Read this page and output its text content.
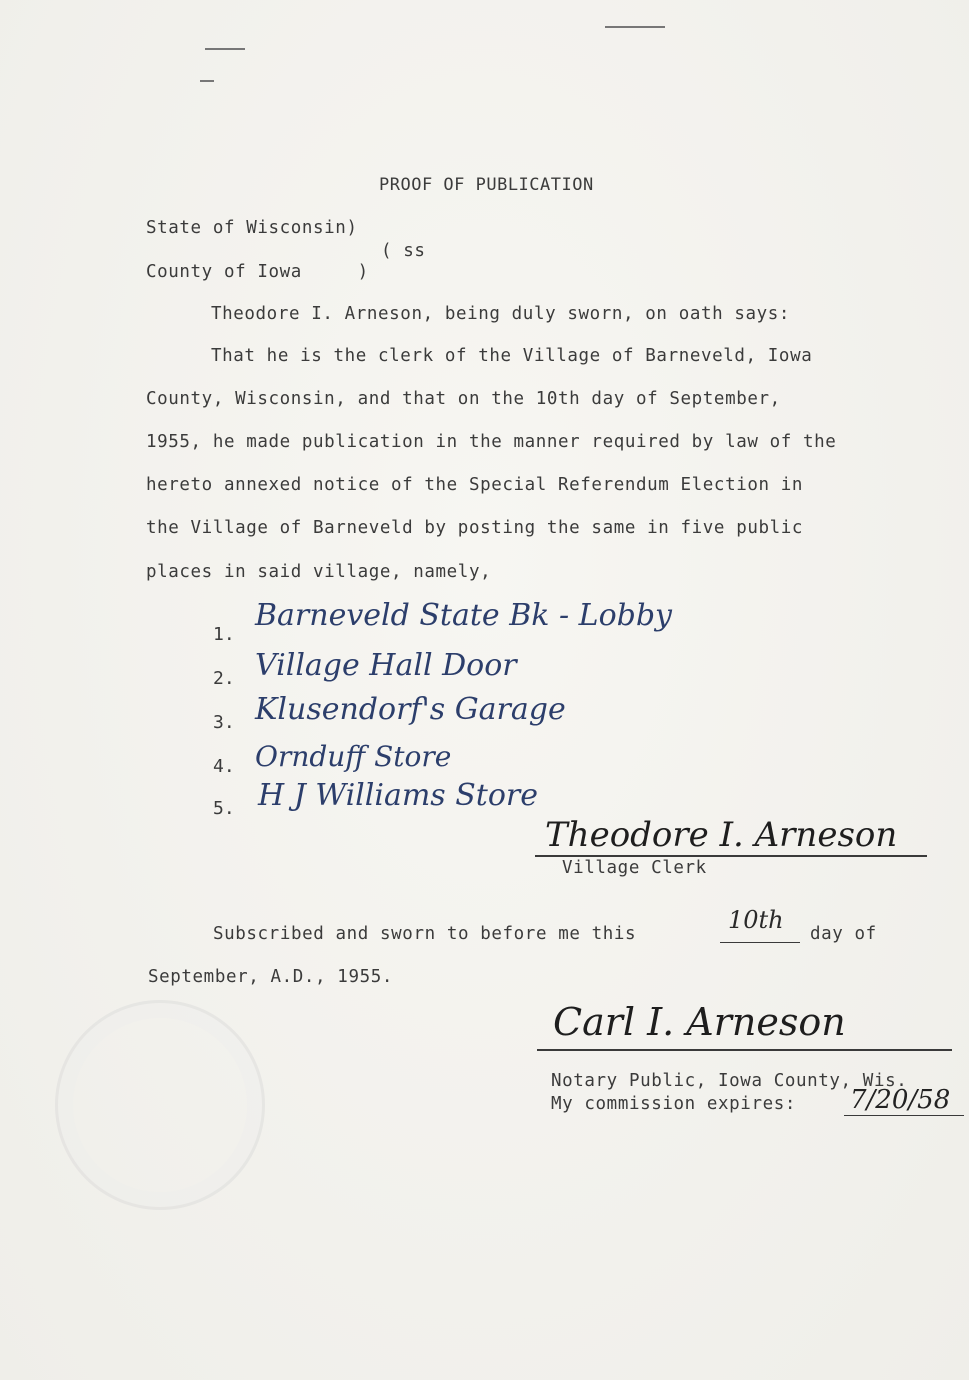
PROOF OF PUBLICATION
State of Wisconsin)
( ss
County of Iowa     )
Theodore I. Arneson, being duly sworn, on oath says:
That he is the clerk of the Village of Barneveld, Iowa
County, Wisconsin, and that on the 10th day of September,
1955, he made publication in the manner required by law of the
hereto annexed notice of the Special Referendum Election in
the Village of Barneveld by posting the same in five public
places in said village, namely,
1.
Barneveld State Bk - Lobby
2. Village Hall Door
3. Klusendorf's Garage
4. Ornduff Store
5. H J Williams Store
Theodore I. Arneson
Village Clerk
Subscribed and sworn to before me this	10th day of
September, A.D., 1955.
Carl I. Arneson
Notary Public, Iowa County, Wis.
My commission expires: 7/20/58
